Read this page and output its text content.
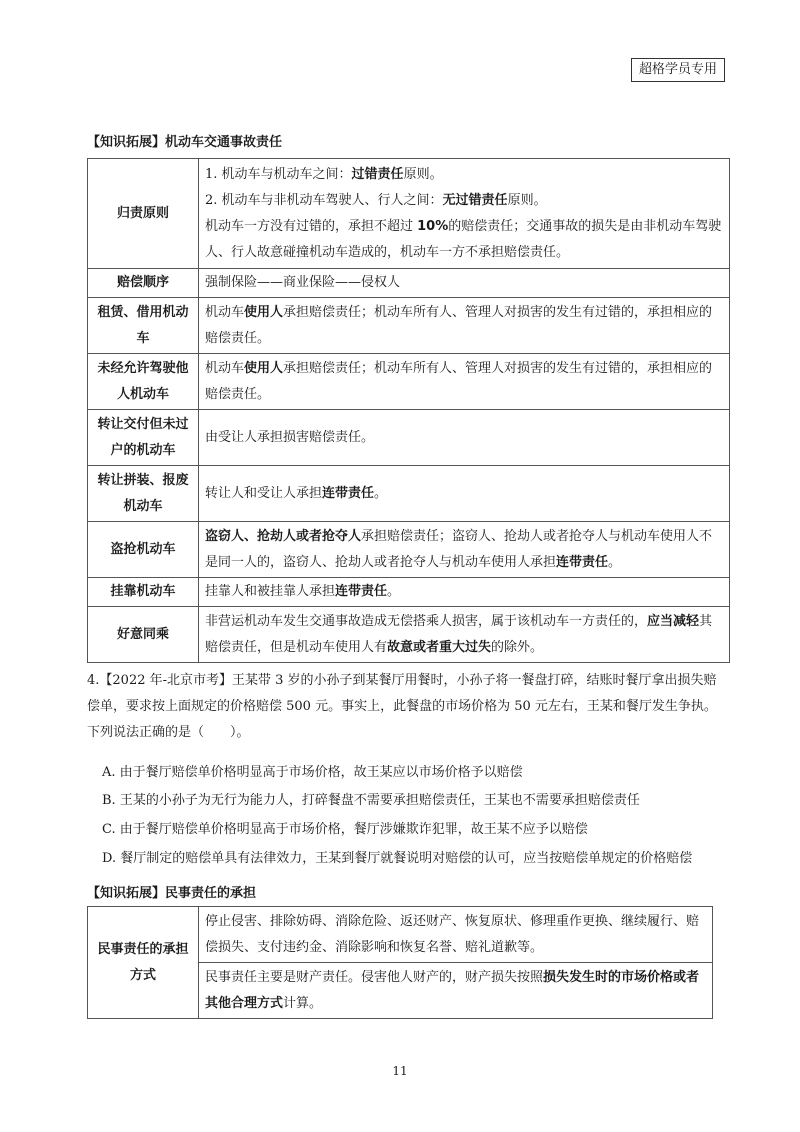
超格学员专用
【知识拓展】机动车交通事故责任
归责原则	1. 机动车与机动车之间：过错责任原则。

2. 机动车与非机动车驾驶人、行人之间：无过错责任原则。

机动车一方没有过错的，承担不超过 10%的赔偿责任；交通事故的损失是由非机动车驾驶人、行人故意碰撞机动车造成的，机动车一方不承担赔偿责任。

赔偿顺序	强制保险——商业保险——侵权人
租赁、借用机动车	机动车使用人承担赔偿责任；机动车所有人、管理人对损害的发生有过错的，承担相应的赔偿责任。
未经允许驾驶他人机动车	机动车使用人承担赔偿责任；机动车所有人、管理人对损害的发生有过错的，承担相应的赔偿责任。
转让交付但未过户的机动车	由受让人承担损害赔偿责任。
转让拼装、报废机动车	转让人和受让人承担连带责任。
盗抢机动车	盗窃人、抢劫人或者抢夺人承担赔偿责任；盗窃人、抢劫人或者抢夺人与机动车使用人不是同一人的，盗窃人、抢劫人或者抢夺人与机动车使用人承担连带责任。
挂靠机动车	挂靠人和被挂靠人承担连带责任。
好意同乘	非营运机动车发生交通事故造成无偿搭乘人损害，属于该机动车一方责任的，应当减轻其赔偿责任，但是机动车使用人有故意或者重大过失的除外。

4.【2022 年-北京市考】王某带 3 岁的小孙子到某餐厅用餐时，小孙子将一餐盘打碎，结账时餐厅拿出损失赔偿单，要求按上面规定的价格赔偿 500 元。事实上，此餐盘的市场价格为 50 元左右，王某和餐厅发生争执。下列说法正确的是（　　）。

A. 由于餐厅赔偿单价格明显高于市场价格，故王某应以市场价格予以赔偿
B. 王某的小孙子为无行为能力人，打碎餐盘不需要承担赔偿责任，王某也不需要承担赔偿责任
C. 由于餐厅赔偿单价格明显高于市场价格，餐厅涉嫌欺诈犯罪，故王某不应予以赔偿
D. 餐厅制定的赔偿单具有法律效力，王某到餐厅就餐说明对赔偿的认可，应当按赔偿单规定的价格赔偿
【知识拓展】民事责任的承担
民事责任的承担方式	停止侵害、排除妨碍、消除危险、返还财产、恢复原状、修理重作更换、继续履行、赔偿损失、支付违约金、消除影响和恢复名誉、赔礼道歉等。
民事责任主要是财产责任。侵害他人财产的，财产损失按照损失发生时的市场价格或者其他合理方式计算。
11
